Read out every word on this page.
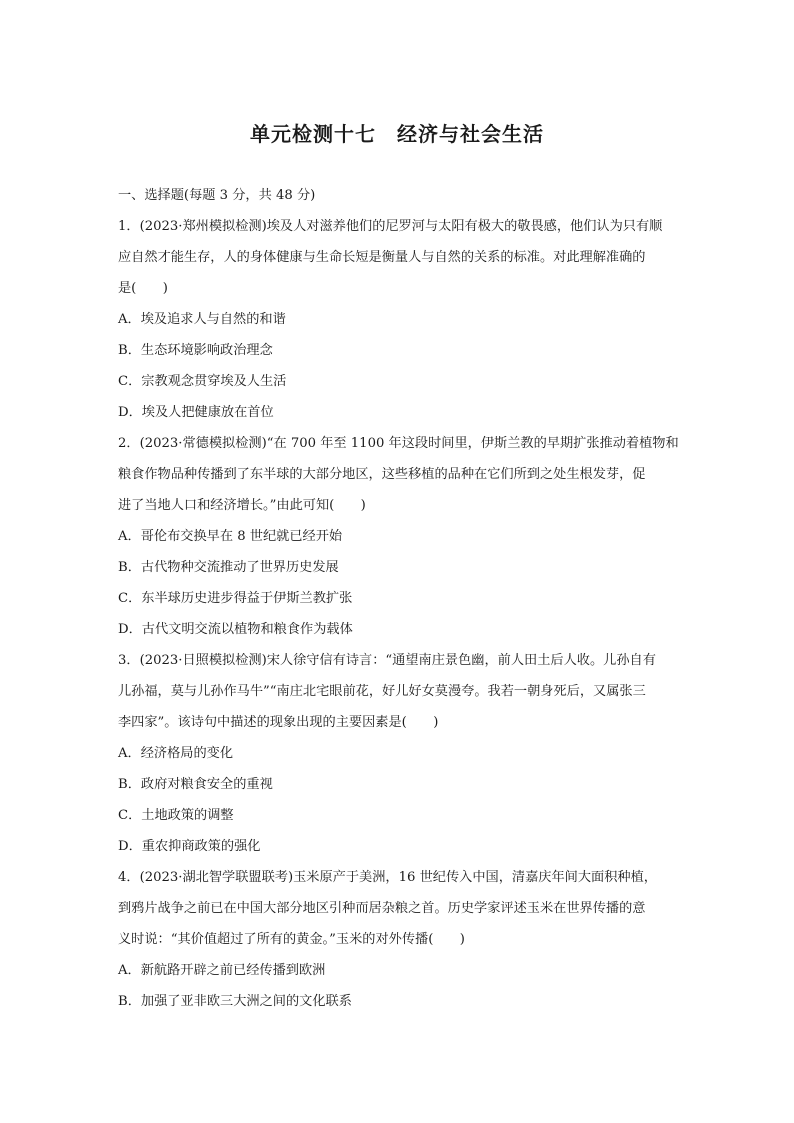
单元检测十七　经济与社会生活
一、选择题(每题 3 分，共 48 分)
1．(2023·郑州模拟检测)埃及人对滋养他们的尼罗河与太阳有极大的敬畏感，他们认为只有顺
应自然才能生存，人的身体健康与生命长短是衡量人与自然的关系的标准。对此理解准确的
是(　　)
A．埃及追求人与自然的和谐
B．生态环境影响政治理念
C．宗教观念贯穿埃及人生活
D．埃及人把健康放在首位
2．(2023·常德模拟检测)“在 700 年至 1100 年这段时间里，伊斯兰教的早期扩张推动着植物和
粮食作物品种传播到了东半球的大部分地区，这些移植的品种在它们所到之处生根发芽，促
进了当地人口和经济增长。”由此可知(　　)
A．哥伦布交换早在 8 世纪就已经开始
B．古代物种交流推动了世界历史发展
C．东半球历史进步得益于伊斯兰教扩张
D．古代文明交流以植物和粮食作为载体
3．(2023·日照模拟检测)宋人徐守信有诗言：“通望南庄景色幽，前人田土后人收。儿孙自有
儿孙福，莫与儿孙作马牛”“南庄北宅眼前花，好儿好女莫漫夸。我若一朝身死后，又属张三
李四家”。该诗句中描述的现象出现的主要因素是(　　)
A．经济格局的变化
B．政府对粮食安全的重视
C．土地政策的调整
D．重农抑商政策的强化
4．(2023·湖北智学联盟联考)玉米原产于美洲，16 世纪传入中国，清嘉庆年间大面积种植，
到鸦片战争之前已在中国大部分地区引种而居杂粮之首。历史学家评述玉米在世界传播的意
义时说：“其价值超过了所有的黄金。”玉米的对外传播(　　)
A．新航路开辟之前已经传播到欧洲
B．加强了亚非欧三大洲之间的文化联系
